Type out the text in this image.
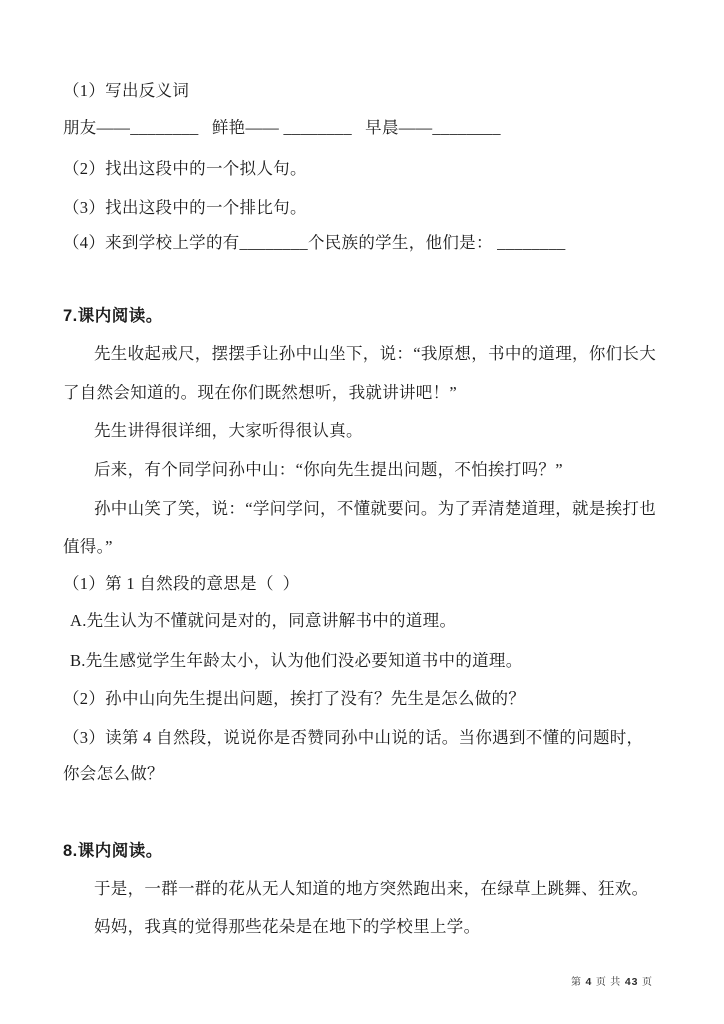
（1）写出反义词
朋友——________   鲜艳—— ________   早晨——________
（2）找出这段中的一个拟人句。
（3）找出这段中的一个排比句。
（4）来到学校上学的有________个民族的学生，他们是： ________
7.课内阅读。
先生收起戒尺，摆摆手让孙中山坐下，说：“我原想，书中的道理，你们长大
了自然会知道的。现在你们既然想听，我就讲讲吧！”
先生讲得很详细，大家听得很认真。
后来，有个同学问孙中山：“你向先生提出问题，不怕挨打吗？”
孙中山笑了笑，说：“学问学问，不懂就要问。为了弄清楚道理，就是挨打也
值得。”
（1）第 1 自然段的意思是（  ）
A.先生认为不懂就问是对的，同意讲解书中的道理。
B.先生感觉学生年龄太小，认为他们没必要知道书中的道理。
（2）孙中山向先生提出问题，挨打了没有？先生是怎么做的？
（3）读第 4 自然段，说说你是否赞同孙中山说的话。当你遇到不懂的问题时，
你会怎么做？
8.课内阅读。
于是，一群一群的花从无人知道的地方突然跑出来，在绿草上跳舞、狂欢。
妈妈，我真的觉得那些花朵是在地下的学校里上学。

第 4 页 共 43 页
